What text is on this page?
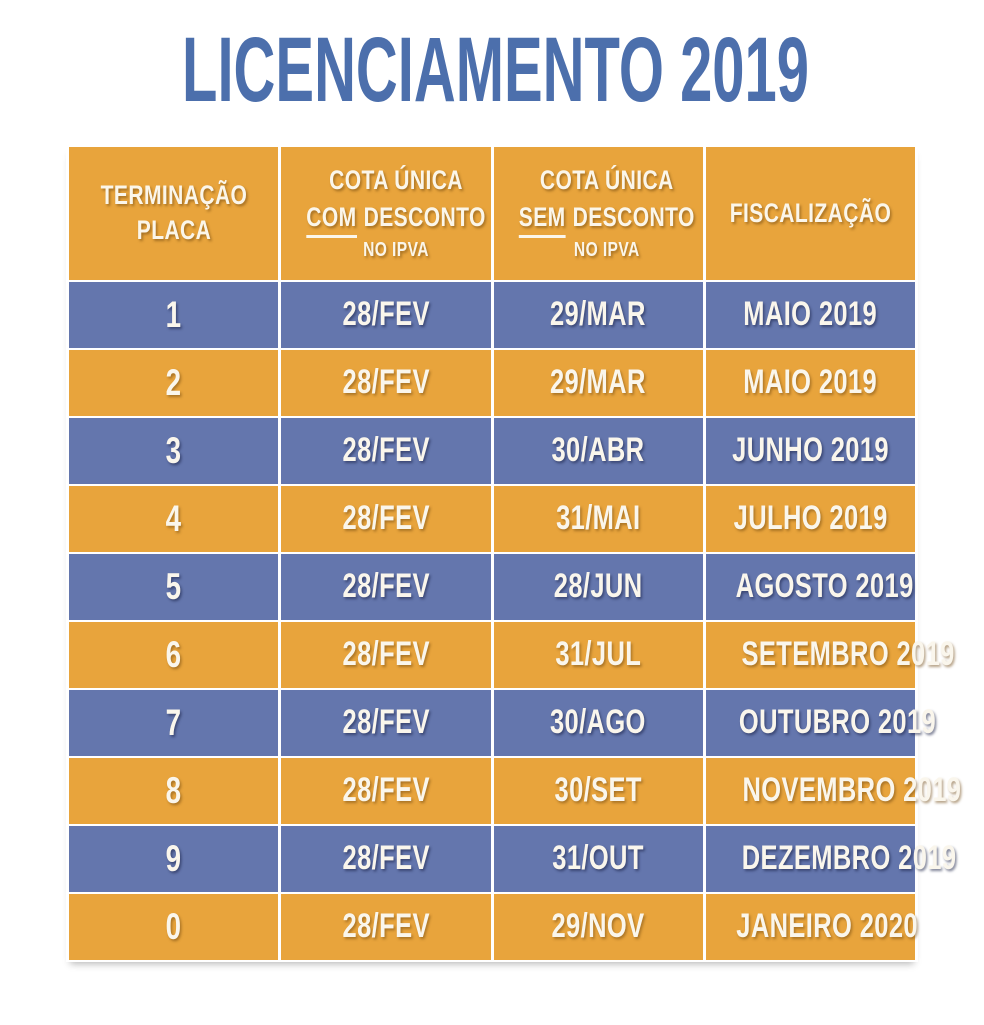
LICENCIAMENTO 2019
TERMINAÇÃO
PLACA	COTA ÚNICA
COM DESCONTO
NO IPVA	COTA ÚNICA
SEM DESCONTO
NO IPVA	FISCALIZAÇÃO

1	28/FEV	29/MAR	MAIO 2019
2	28/FEV	29/MAR	MAIO 2019
3	28/FEV	30/ABR	JUNHO 2019
4	28/FEV	31/MAI	JULHO 2019
5	28/FEV	28/JUN	AGOSTO 2019
6	28/FEV	31/JUL	SETEMBRO 2019
7	28/FEV	30/AGO	OUTUBRO 2019
8	28/FEV	30/SET	NOVEMBRO 2019
9	28/FEV	31/OUT	DEZEMBRO 2019
0	28/FEV	29/NOV	JANEIRO 2020
